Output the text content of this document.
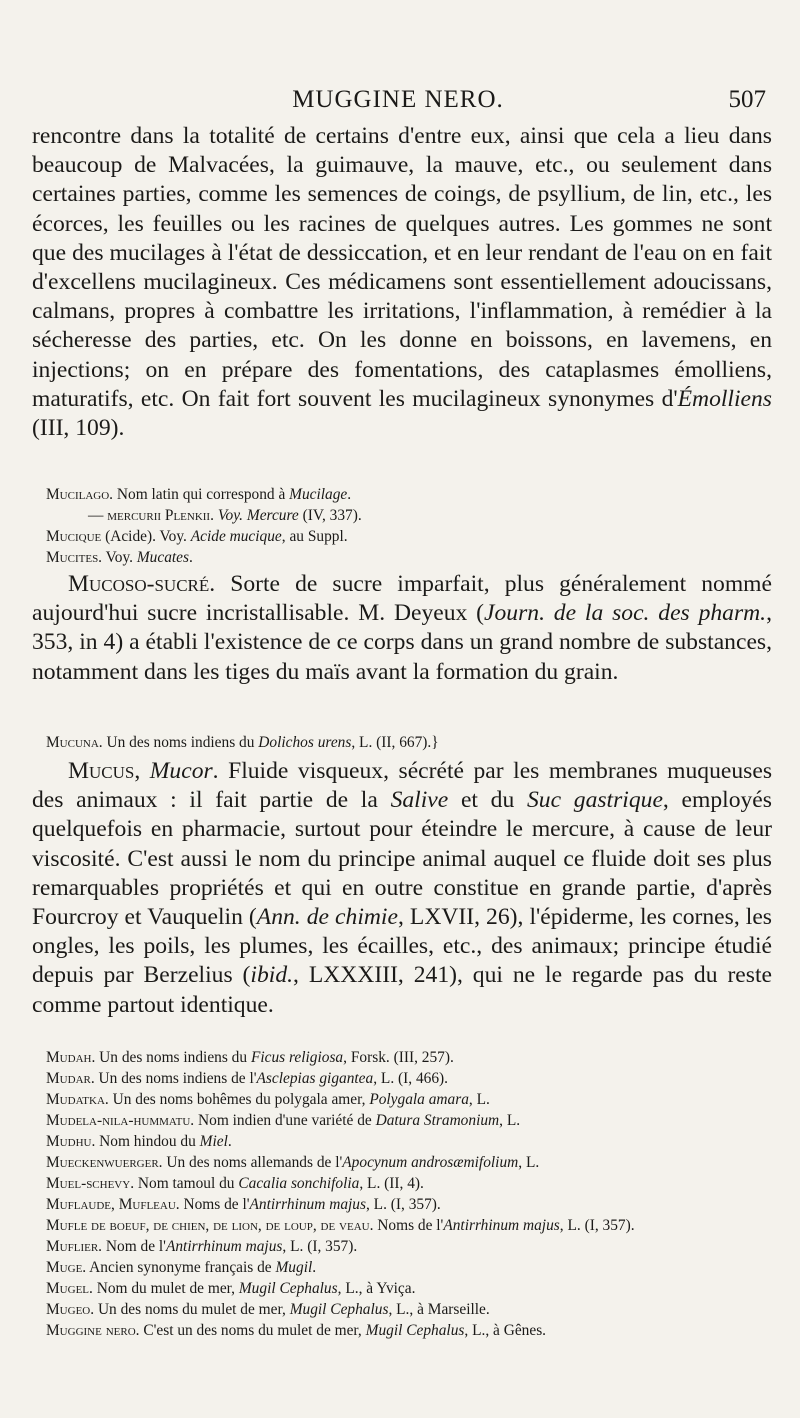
MUGGINE NERO.	507

rencontre dans la totalité de certains d'entre eux, ainsi que cela a lieu dans beaucoup de Malvacées, la guimauve, la mauve, etc., ou seulement dans certaines parties, comme les semences de coings, de psyllium, de lin, etc., les écorces, les feuilles ou les racines de quelques autres. Les gommes ne sont que des mucilages à l'état de dessiccation, et en leur rendant de l'eau on en fait d'excellens mucilagineux. Ces médicamens sont essentiellement adoucissans, calmans, propres à combattre les irritations, l'inflammation, à remédier à la sécheresse des parties, etc. On les donne en boissons, en lavemens, en injections; on en prépare des fomentations, des cataplasmes émolliens, maturatifs, etc. On fait fort souvent les mucilagineux synonymes d'Émolliens (III, 109).

Mucilago. Nom latin qui correspond à Mucilage.

— mercurii Plenkii. Voy. Mercure (IV, 337).

Mucique (Acide). Voy. Acide mucique, au Suppl.

Mucites. Voy. Mucates.

Mucoso-sucré. Sorte de sucre imparfait, plus généralement nommé aujourd'hui sucre incristallisable. M. Deyeux (Journ. de la soc. des pharm., 353, in 4) a établi l'existence de ce corps dans un grand nombre de substances, notamment dans les tiges du maïs avant la formation du grain.

Mucuna. Un des noms indiens du Dolichos urens, L. (II, 667).}

Mucus, Mucor. Fluide visqueux, sécrété par les membranes muqueuses des animaux : il fait partie de la Salive et du Suc gastrique, employés quelquefois en pharmacie, surtout pour éteindre le mercure, à cause de leur viscosité. C'est aussi le nom du principe animal auquel ce fluide doit ses plus remarquables propriétés et qui en outre constitue en grande partie, d'après Fourcroy et Vauquelin (Ann. de chimie, LXVII, 26), l'épiderme, les cornes, les ongles, les poils, les plumes, les écailles, etc., des animaux; principe étudié depuis par Berzelius (ibid., LXXXIII, 241), qui ne le regarde pas du reste comme partout identique.

Mudah. Un des noms indiens du Ficus religiosa, Forsk. (III, 257).

Mudar. Un des noms indiens de l'Asclepias gigantea, L. (I, 466).

Mudatka. Un des noms bohêmes du polygala amer, Polygala amara, L.

Mudela-nila-hummatu. Nom indien d'une variété de Datura Stramonium, L.

Mudhu. Nom hindou du Miel.

Mueckenwuerger. Un des noms allemands de l'Apocynum androsæmifolium, L.

Muel-schevy. Nom tamoul du Cacalia sonchifolia, L. (II, 4).

Muflaude, Mufleau. Noms de l'Antirrhinum majus, L. (I, 357).

Mufle de boeuf, de chien, de lion, de loup, de veau. Noms de l'Antirrhinum majus, L. (I, 357).

Muflier. Nom de l'Antirrhinum majus, L. (I, 357).

Muge. Ancien synonyme français de Mugil.

Mugel. Nom du mulet de mer, Mugil Cephalus, L., à Yviça.

Mugeo. Un des noms du mulet de mer, Mugil Cephalus, L., à Marseille.

Muggine nero. C'est un des noms du mulet de mer, Mugil Cephalus, L., à Gênes.
